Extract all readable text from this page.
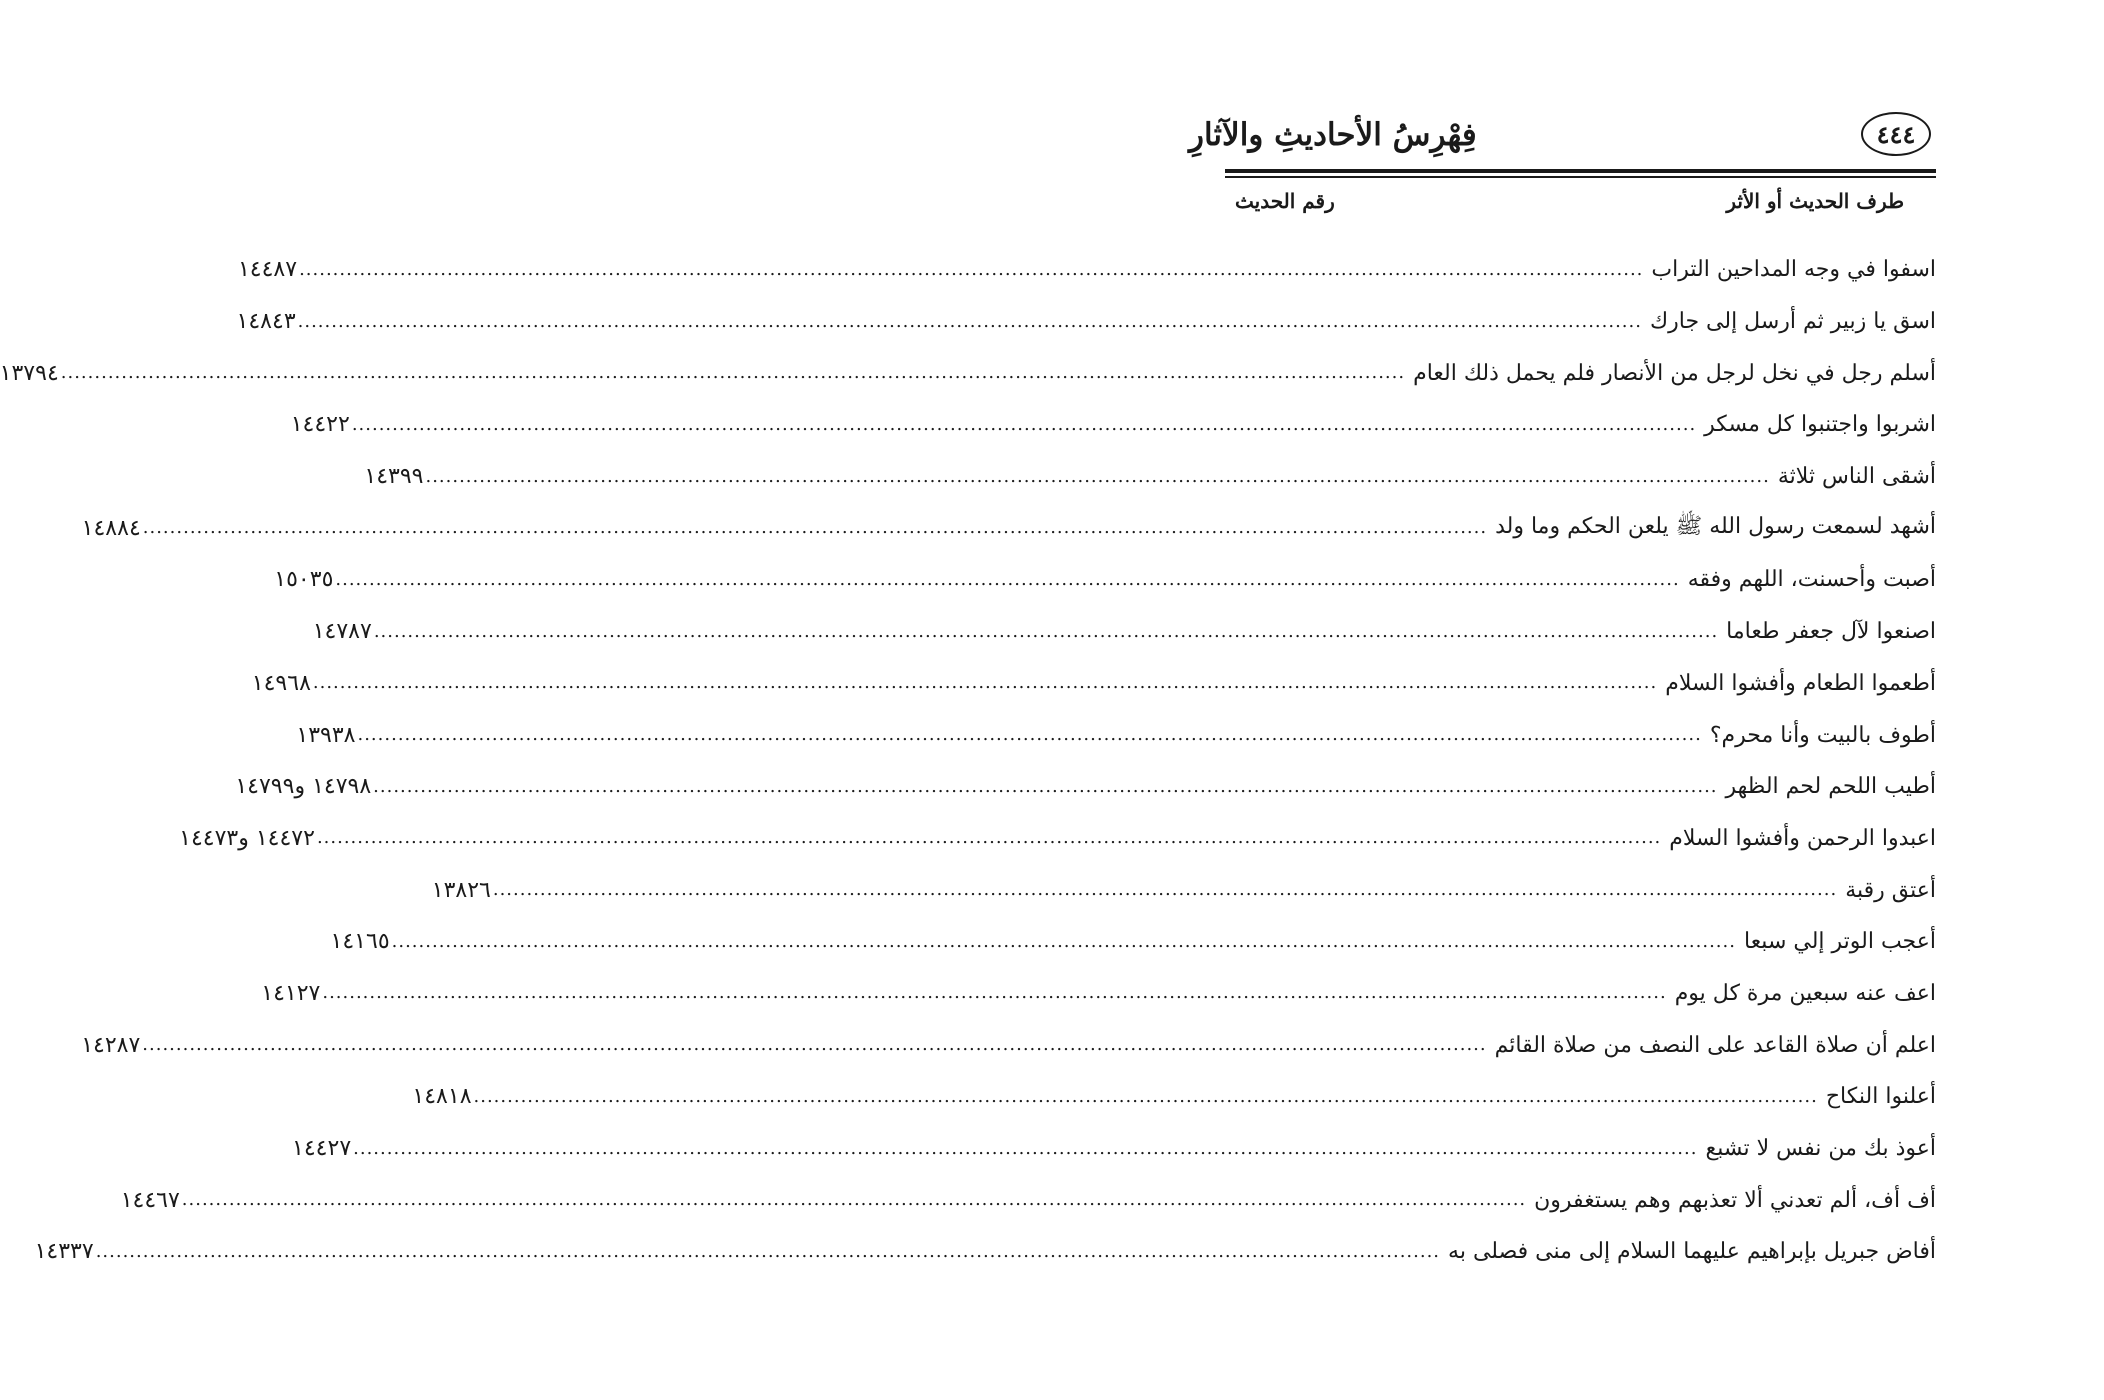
٤٤٤
فِهْرِسُ الأحاديثِ والآثارِ
طرف الحديث أو الأثر
رقم الحديث
اسفوا في وجه المداحين التراب
........................................................................................................................................................................................................
١٤٤٨٧
اسق يا زبير ثم أرسل إلى جارك
........................................................................................................................................................................................................
١٤٨٤٣
أسلم رجل في نخل لرجل من الأنصار فلم يحمل ذلك العام
........................................................................................................................................................................................................
١٣٧٩٤
اشربوا واجتنبوا كل مسكر
........................................................................................................................................................................................................
١٤٤٢٢
أشقى الناس ثلاثة
........................................................................................................................................................................................................
١٤٣٩٩
أشهد لسمعت رسول الله ﷺ يلعن الحكم وما ولد
........................................................................................................................................................................................................
١٤٨٨٤
أصبت وأحسنت، اللهم وفقه
........................................................................................................................................................................................................
١٥٠٣٥
اصنعوا لآل جعفر طعاما
........................................................................................................................................................................................................
١٤٧٨٧
أطعموا الطعام وأفشوا السلام
........................................................................................................................................................................................................
١٤٩٦٨
أطوف بالبيت وأنا محرم؟
........................................................................................................................................................................................................
١٣٩٣٨
أطيب اللحم لحم الظهر
........................................................................................................................................................................................................
١٤٧٩٨ و١٤٧٩٩
اعبدوا الرحمن وأفشوا السلام
........................................................................................................................................................................................................
١٤٤٧٢ و١٤٤٧٣
أعتق رقبة
........................................................................................................................................................................................................
١٣٨٢٦
أعجب الوتر إلي سبعا
........................................................................................................................................................................................................
١٤١٦٥
اعف عنه سبعين مرة كل يوم
........................................................................................................................................................................................................
١٤١٢٧
اعلم أن صلاة القاعد على النصف من صلاة القائم
........................................................................................................................................................................................................
١٤٢٨٧
أعلنوا النكاح
........................................................................................................................................................................................................
١٤٨١٨
أعوذ بك من نفس لا تشبع
........................................................................................................................................................................................................
١٤٤٢٧
أف أف، ألم تعدني ألا تعذبهم وهم يستغفرون
........................................................................................................................................................................................................
١٤٤٦٧
أفاض جبريل بإبراهيم عليهما السلام إلى منى فصلى به
........................................................................................................................................................................................................
١٤٣٣٧
